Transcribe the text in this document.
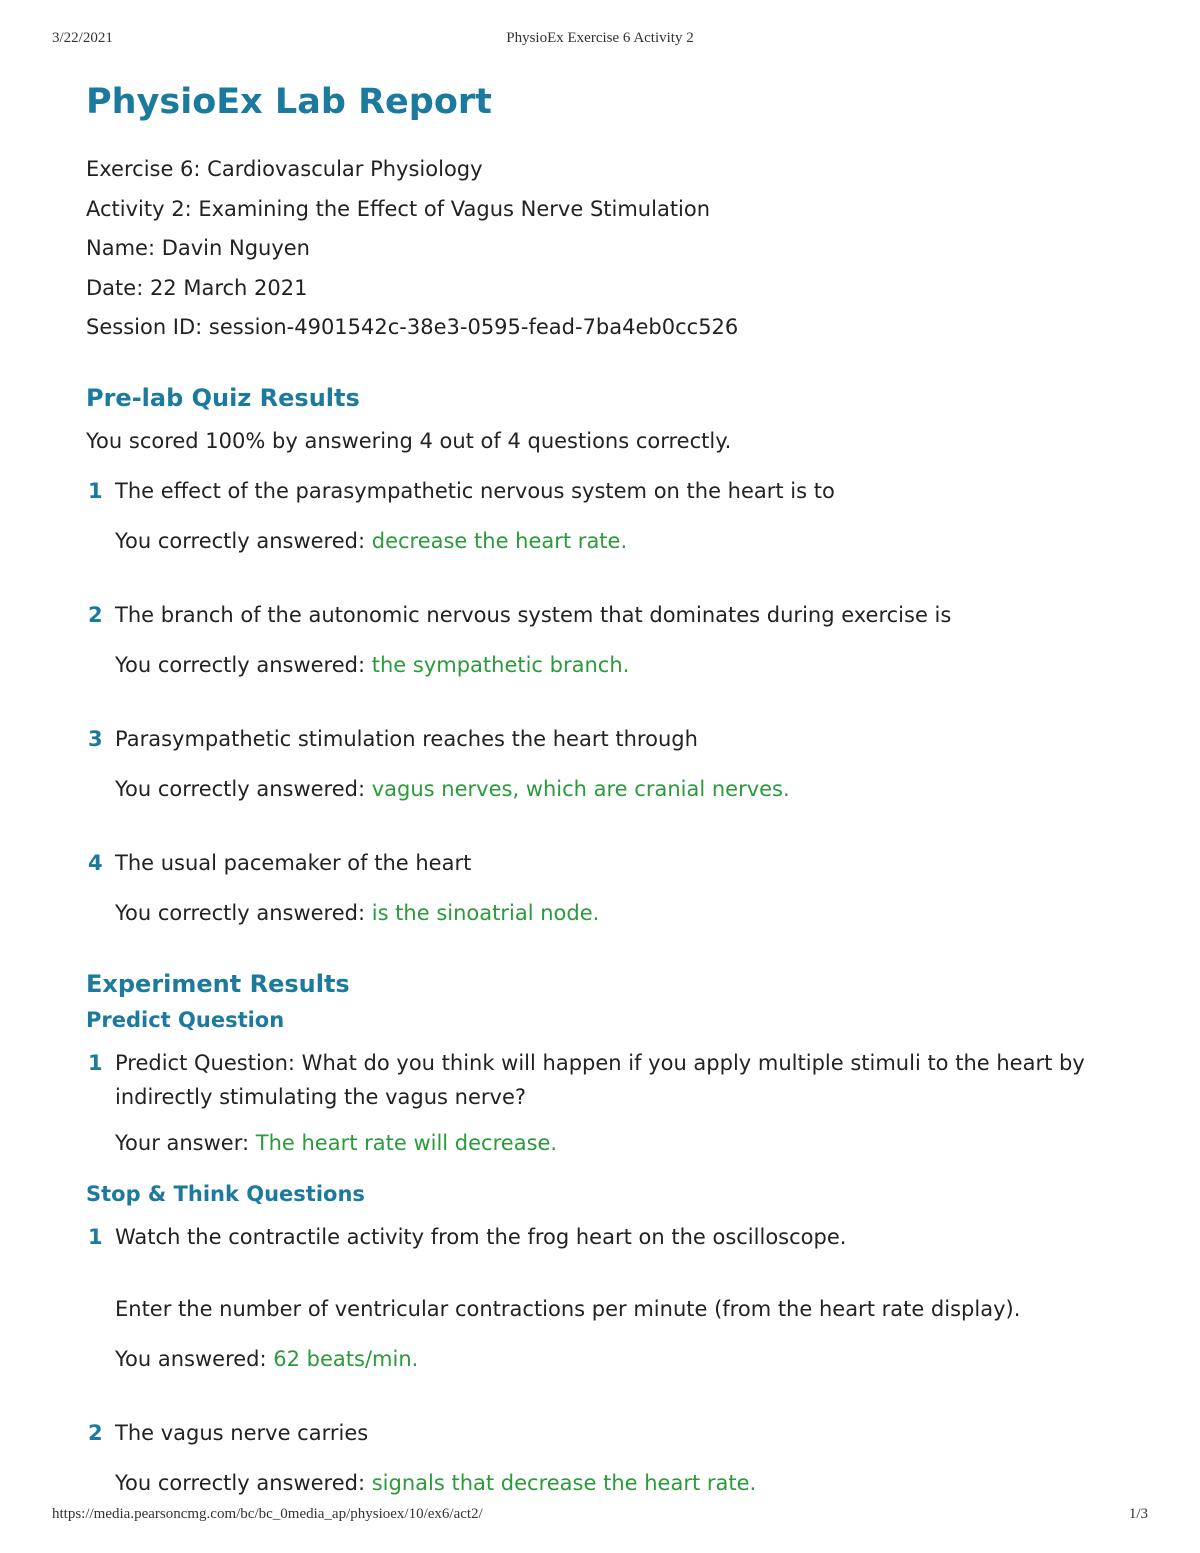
3/22/2021	PhysioEx Exercise 6 Activity 2
PhysioEx Lab Report

Exercise 6: Cardiovascular Physiology

Activity 2: Examining the Effect of Vagus Nerve Stimulation

Name: Davin Nguyen

Date: 22 March 2021

Session ID: session-4901542c-38e3-0595-fead-7ba4eb0cc526

Pre-lab Quiz Results

You scored 100% by answering 4 out of 4 questions correctly.

1 The effect of the parasympathetic nervous system on the heart is to
You correctly answered: decrease the heart rate.
2 The branch of the autonomic nervous system that dominates during exercise is
You correctly answered: the sympathetic branch.
3 Parasympathetic stimulation reaches the heart through
You correctly answered: vagus nerves, which are cranial nerves.
4 The usual pacemaker of the heart
You correctly answered: is the sinoatrial node.
Experiment Results
Predict Question
1 Predict Question: What do you think will happen if you apply multiple stimuli to the heart by indirectly stimulating the vagus nerve?
Your answer: The heart rate will decrease.
Stop & Think Questions
1 Watch the contractile activity from the frog heart on the oscilloscope.
Enter the number of ventricular contractions per minute (from the heart rate display).
You answered: 62 beats/min.
2 The vagus nerve carries
You correctly answered: signals that decrease the heart rate.
https://media.pearsoncmg.com/bc/bc_0media_ap/physioex/10/ex6/act2/	1/3
